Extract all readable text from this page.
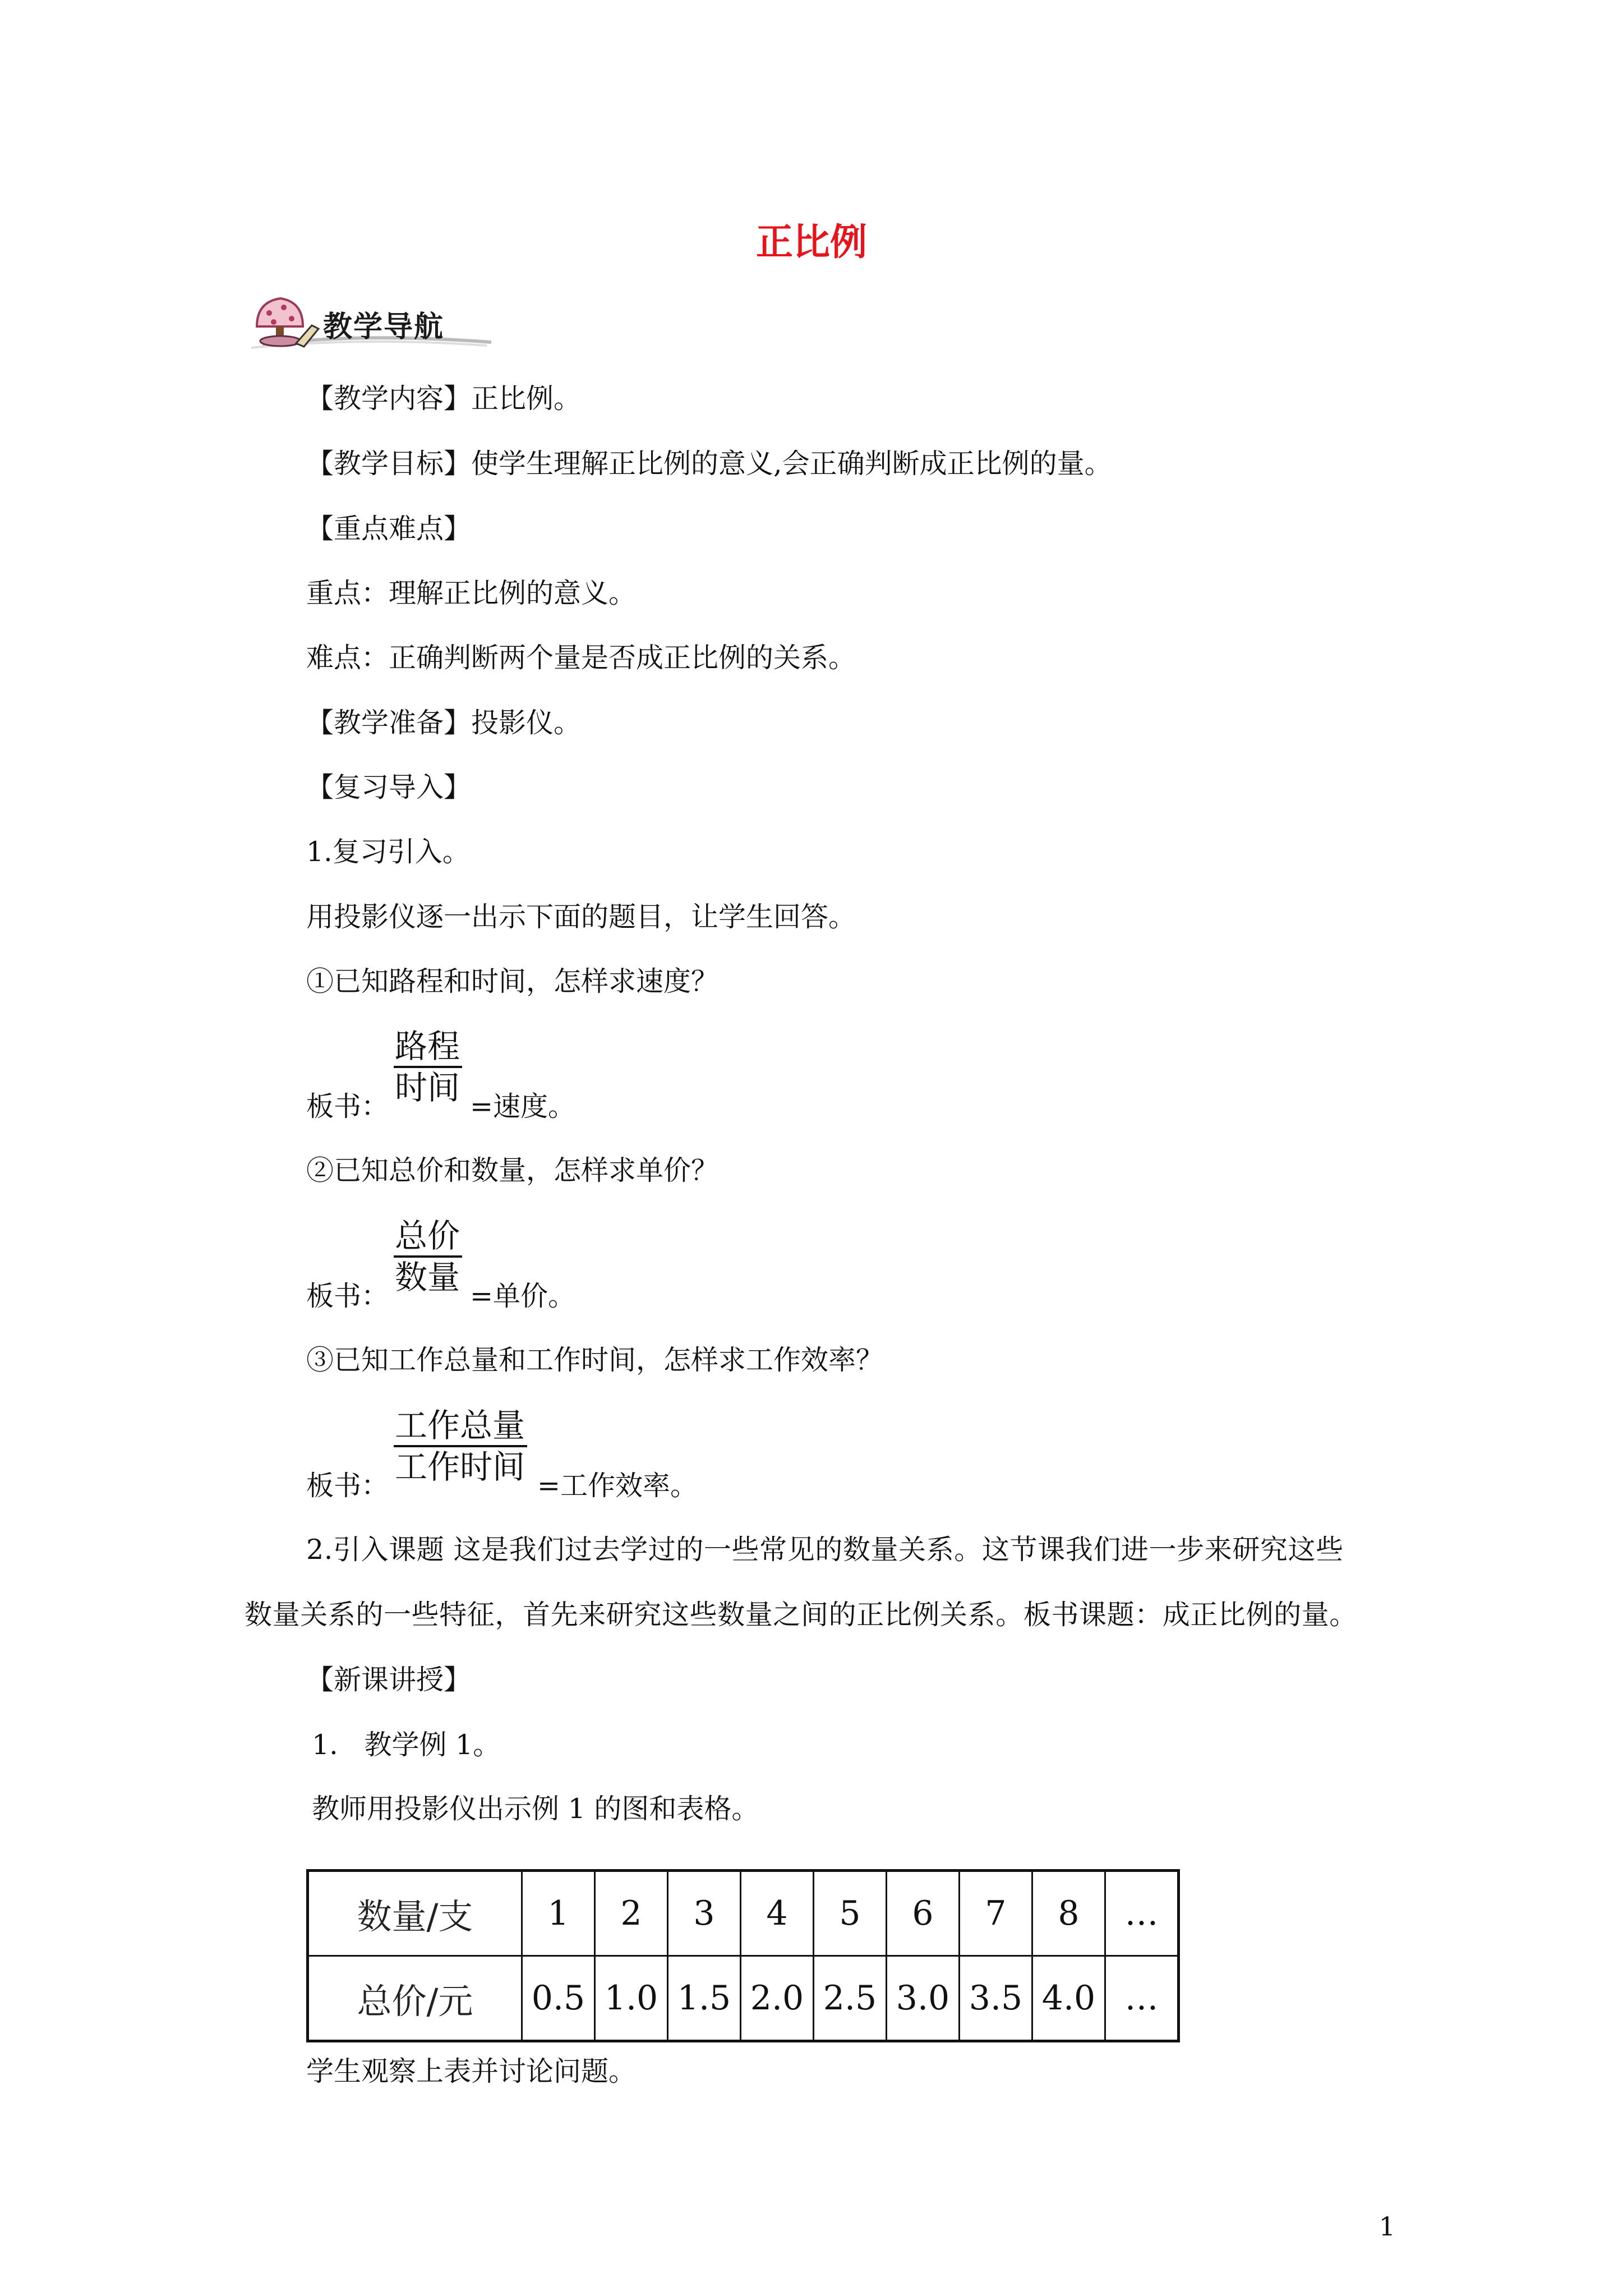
正比例
教学导航
【教学内容】正比例。
【教学目标】使学生理解正比例的意义,会正确判断成正比例的量。
【重点难点】
重点：理解正比例的意义。
难点：正确判断两个量是否成正比例的关系。
【教学准备】投影仪。
【复习导入】
1.复习引入。
用投影仪逐一出示下面的题目，让学生回答。
①已知路程和时间，怎样求速度？
板书：
路程
时间 =速度。
②已知总价和数量，怎样求单价？
板书：
总价
数量 =单价。
③已知工作总量和工作时间，怎样求工作效率？
板书：
工作总量
工作时间 =工作效率。
2.引入课题 这是我们过去学过的一些常见的数量关系。这节课我们进一步来研究这些
数量关系的一些特征，首先来研究这些数量之间的正比例关系。板书课题：成正比例的量。
【新课讲授】
1.   教学例 1。
教师用投影仪出示例 1 的图和表格。
数量/支	1	2	3	4	5	6	7	8	…
总价/元	0.5	1.0	1.5	2.0	2.5	3.0	3.5	4.0	…
学生观察上表并讨论问题。
1
